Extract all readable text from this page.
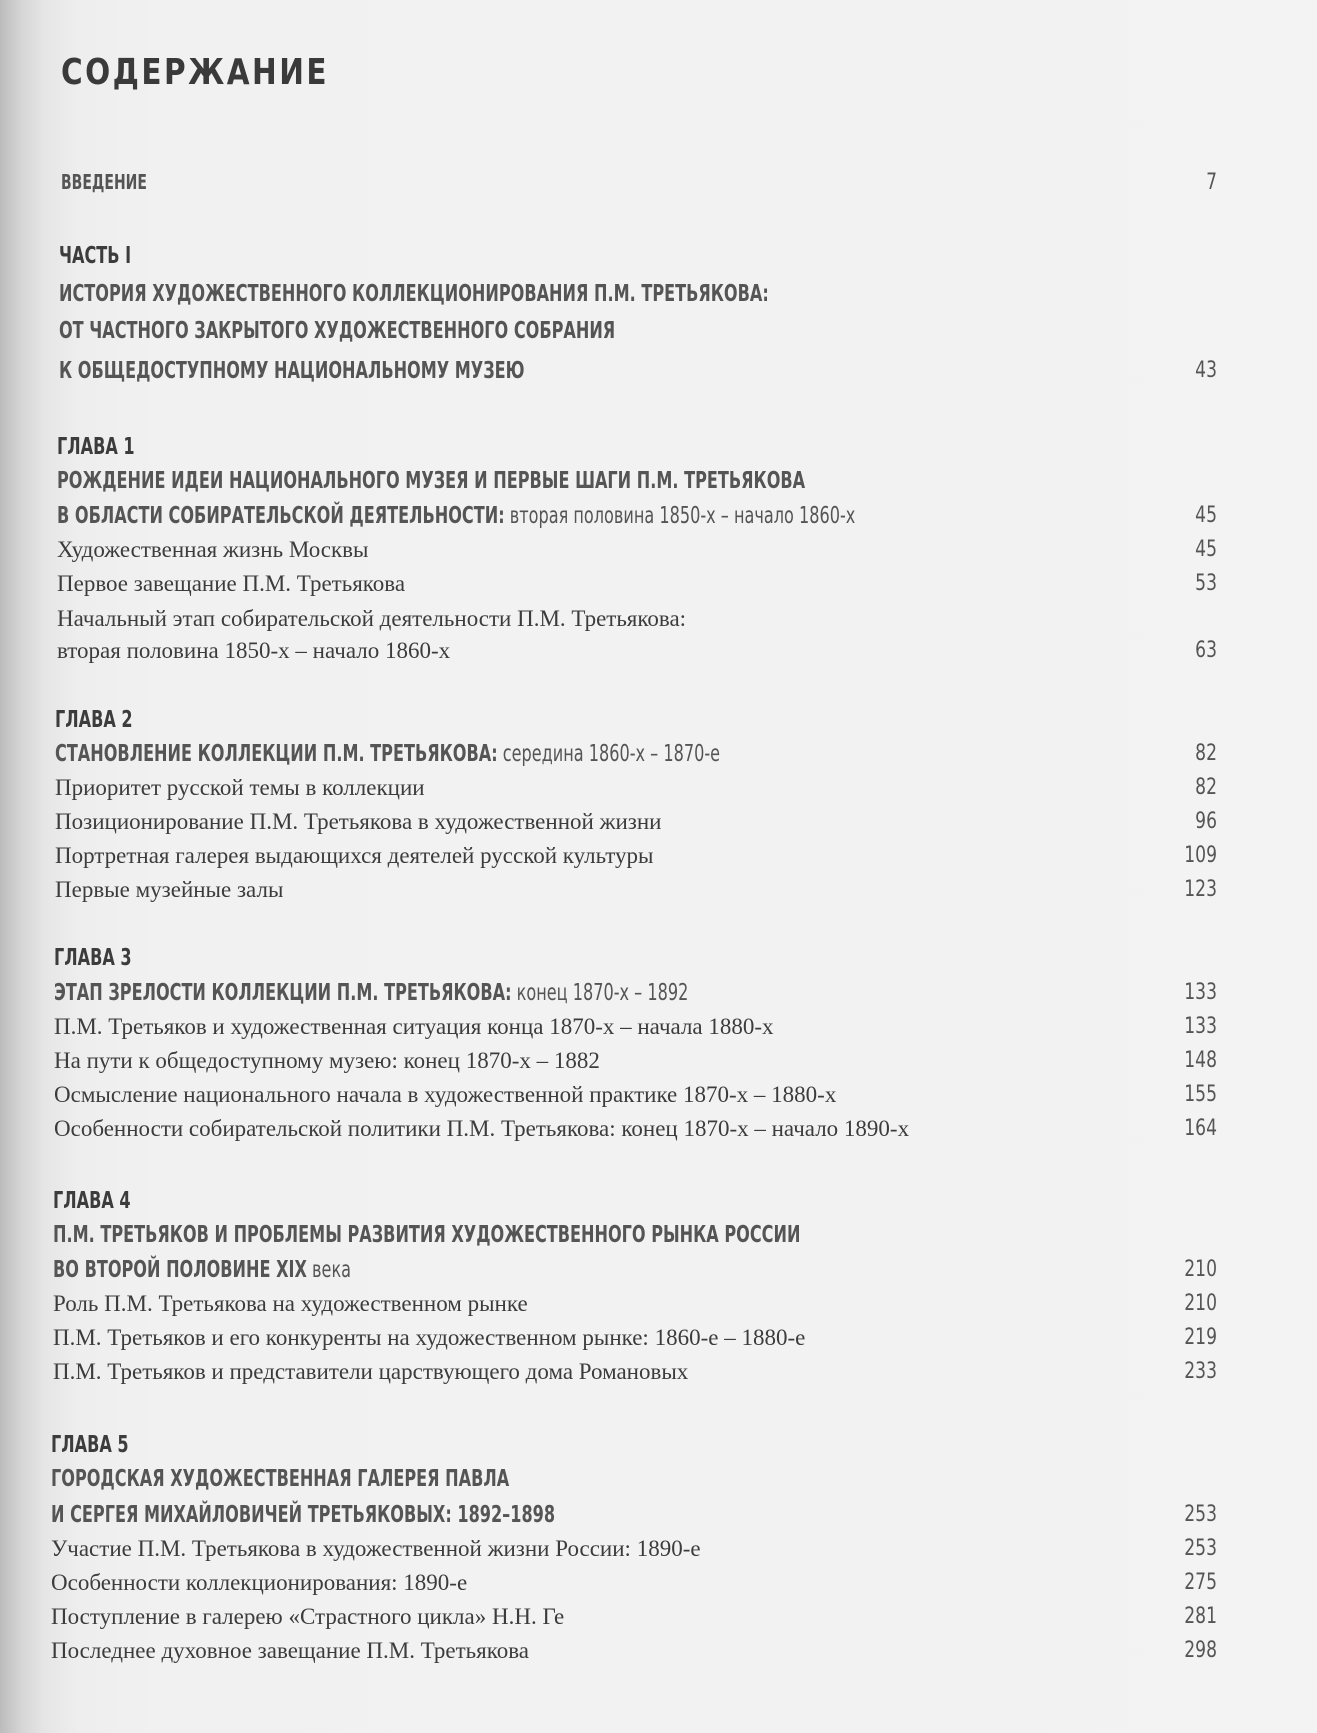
СОДЕРЖАНИЕ
ВВЕДЕНИЕ	7
ЧАСТЬ I
ИСТОРИЯ ХУДОЖЕСТВЕННОГО КОЛЛЕКЦИОНИРОВАНИЯ П.М. ТРЕТЬЯКОВА:
ОТ ЧАСТНОГО ЗАКРЫТОГО ХУДОЖЕСТВЕННОГО СОБРАНИЯ
К ОБЩЕДОСТУПНОМУ НАЦИОНАЛЬНОМУ МУЗЕЮ	43
ГЛАВА 1
РОЖДЕНИЕ ИДЕИ НАЦИОНАЛЬНОГО МУЗЕЯ И ПЕРВЫЕ ШАГИ П.М. ТРЕТЬЯКОВА
В ОБЛАСТИ СОБИРАТЕЛЬСКОЙ ДЕЯТЕЛЬНОСТИ: вторая половина 1850-х – начало 1860-х	45
Художественная жизнь Москвы	45
Первое завещание П.М. Третьякова	53
Начальный этап собирательской деятельности П.М. Третьякова:
вторая половина 1850-х – начало 1860-х	63
ГЛАВА 2
СТАНОВЛЕНИЕ КОЛЛЕКЦИИ П.М. ТРЕТЬЯКОВА: середина 1860-х – 1870-е	82
Приоритет русской темы в коллекции	82
Позиционирование П.М. Третьякова в художественной жизни	96
Портретная галерея выдающихся деятелей русской культуры	109
Первые музейные залы	123
ГЛАВА 3
ЭТАП ЗРЕЛОСТИ КОЛЛЕКЦИИ П.М. ТРЕТЬЯКОВА: конец 1870-х – 1892	133
П.М. Третьяков и художественная ситуация конца 1870-х – начала 1880-х	133
На пути к общедоступному музею: конец 1870-х – 1882	148
Осмысление национального начала в художественной практике 1870-х – 1880-х	155
Особенности собирательской политики П.М. Третьякова: конец 1870-х – начало 1890-х	164
ГЛАВА 4
П.М. ТРЕТЬЯКОВ И ПРОБЛЕМЫ РАЗВИТИЯ ХУДОЖЕСТВЕННОГО РЫНКА РОССИИ
ВО ВТОРОЙ ПОЛОВИНЕ XIX века	210
Роль П.М. Третьякова на художественном рынке	210
П.М. Третьяков и его конкуренты на художественном рынке: 1860-е – 1880-е	219
П.М. Третьяков и представители царствующего дома Романовых	233
ГЛАВА 5
ГОРОДСКАЯ ХУДОЖЕСТВЕННАЯ ГАЛЕРЕЯ ПАВЛА
И СЕРГЕЯ МИХАЙЛОВИЧЕЙ ТРЕТЬЯКОВЫХ: 1892–1898	253
Участие П.М. Третьякова в художественной жизни России: 1890-е	253
Особенности коллекционирования: 1890-е	275
Поступление в галерею «Страстного цикла» Н.Н. Ге	281
Последнее духовное завещание П.М. Третьякова	298
